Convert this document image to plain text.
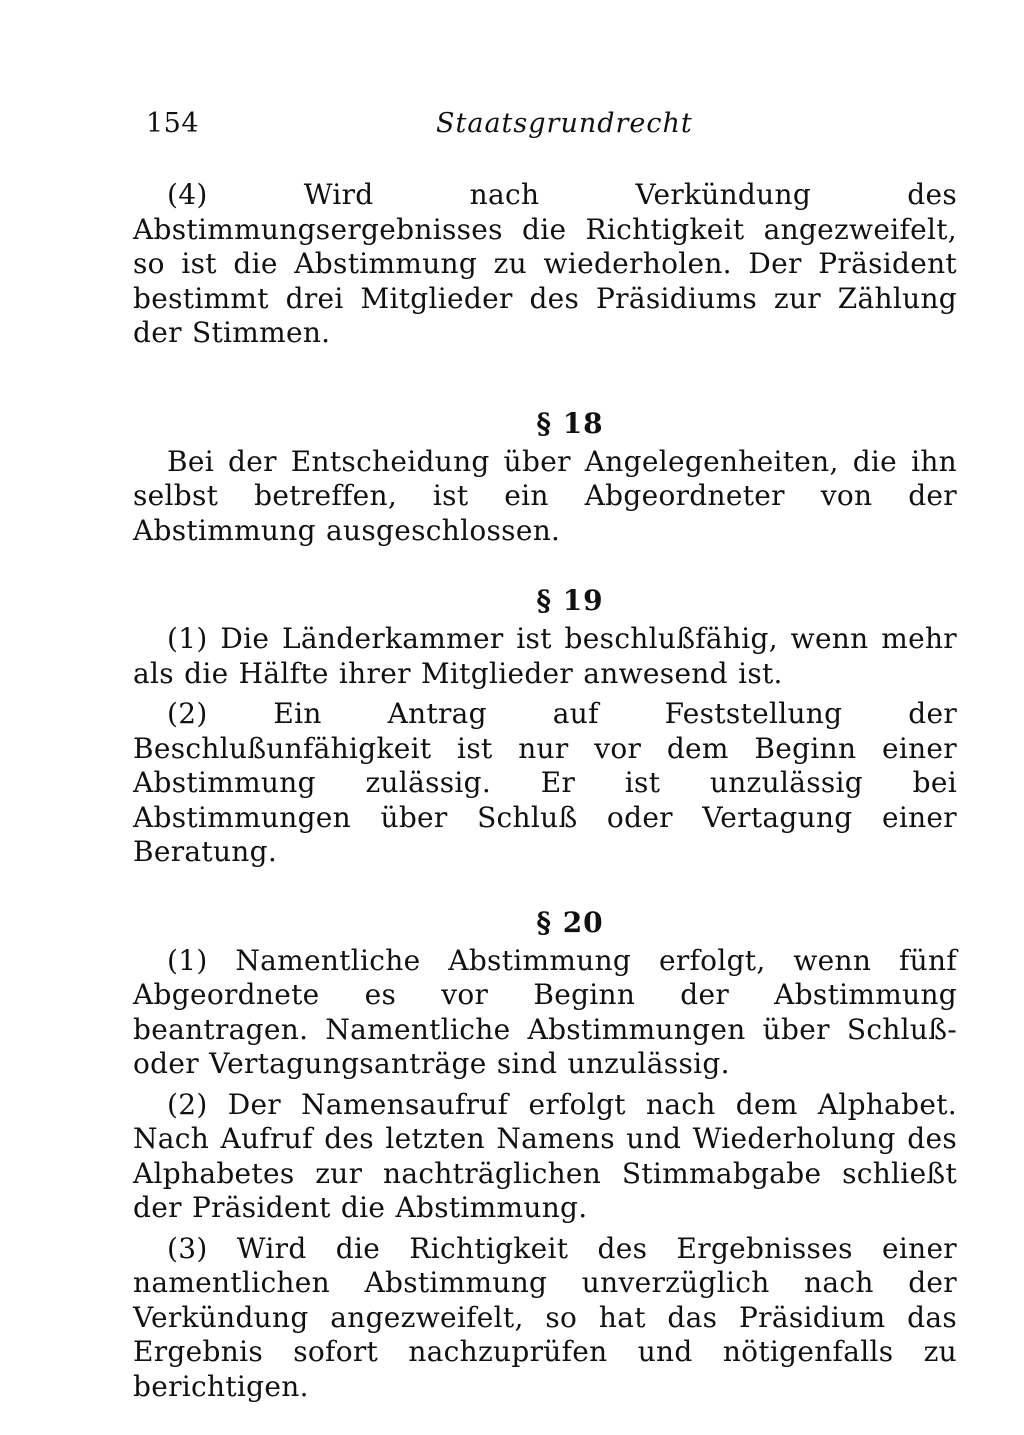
154	Staatsgrundrecht

(4) Wird nach Verkündung des Abstimmungsergebnisses die Richtigkeit angezweifelt, so ist die Abstimmung zu wiederholen. Der Präsident bestimmt drei Mitglieder des Präsidiums zur Zählung der Stimmen.

§ 18

Bei der Entscheidung über Angelegenheiten, die ihn selbst betreffen, ist ein Abgeordneter von der Abstimmung ausgeschlossen.

§ 19

(1) Die Länderkammer ist beschlußfähig, wenn mehr als die Hälfte ihrer Mitglieder anwesend ist.

(2) Ein Antrag auf Feststellung der Beschlußunfähigkeit ist nur vor dem Beginn einer Abstimmung zulässig. Er ist unzulässig bei Abstimmungen über Schluß oder Vertagung einer Beratung.

§ 20

(1) Namentliche Abstimmung erfolgt, wenn fünf Abgeordnete es vor Beginn der Abstimmung beantragen. Namentliche Abstimmungen über Schluß- oder Vertagungsanträge sind unzulässig.

(2) Der Namensaufruf erfolgt nach dem Alphabet. Nach Aufruf des letzten Namens und Wiederholung des Alphabetes zur nachträglichen Stimmabgabe schließt der Präsident die Abstimmung.

(3) Wird die Richtigkeit des Ergebnisses einer namentlichen Abstimmung unverzüglich nach der Verkündung angezweifelt, so hat das Präsidium das Ergebnis sofort nachzuprüfen und nötigenfalls zu berichtigen.
